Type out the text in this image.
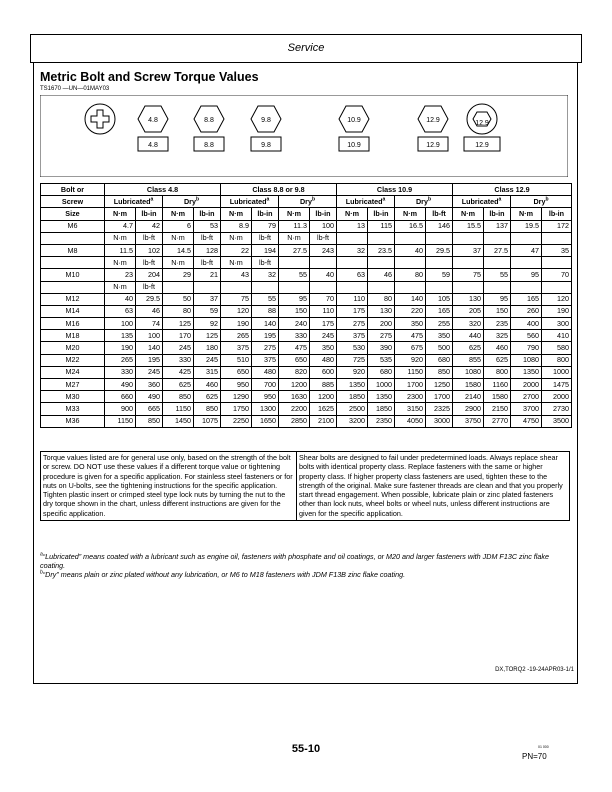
Service
Metric Bolt and Screw Torque Values
TS1670 —UN—01MAY03
4.8	8.8	9.8	10.9	12.9	12.9
4.8	8.8	9.8	10.9	12.9	12.9
Bolt or	Class 4.8				Class 8.8 or 9.8				Class 10.9				Class 12.9			
Screw	Lubricated$^a$		Dry$^b$		Lubricated$^a$		Dry$^b$		Lubricated$^a$		Dry$^b$		Lubricated$^a$		Dry$^b$
Size	N·m	lb-in	N·m	lb-in	N·m	lb-in	N·m	lb-in	N·m	lb-in	N·m	lb-ft	N·m	lb-in	N·m	lb-in
M6	4.7	42	6	53	8.9	79	11.3	100	13	115	16.5	146	15.5	137	19.5	172
	N·m	lb-ft	N·m	lb-ft	N·m	lb-ft	N·m	lb-ft								
M8	11.5	102	14.5	128	22	194	27.5	243	32	23.5	40	29.5	37	27.5	47	35
	N·m	lb-ft	N·m	lb-ft	N·m	lb-ft										
M10	23	204	29	21	43	32	55	40	63	46	80	59	75	55	95	70
	N·m	lb-ft														
M12	40	29.5	50	37	75	55	95	70	110	80	140	105	130	95	165	120
M14	63	46	80	59	120	88	150	110	175	130	220	165	205	150	260	190
M16	100	74	125	92	190	140	240	175	275	200	350	255	320	235	400	300
M18	135	100	170	125	265	195	330	245	375	275	475	350	440	325	560	410
M20	190	140	245	180	375	275	475	350	530	390	675	500	625	460	790	580
M22	265	195	330	245	510	375	650	480	725	535	920	680	855	625	1080	800
M24	330	245	425	315	650	480	820	600	920	680	1150	850	1080	800	1350	1000
M27	490	360	625	460	950	700	1200	885	1350	1000	1700	1250	1580	1160	2000	1475
M30	660	490	850	625	1290	950	1630	1200	1850	1350	2300	1700	2140	1580	2700	2000
M33	900	665	1150	850	1750	1300	2200	1625	2500	1850	3150	2325	2900	2150	3700	2730
M36	1150	850	1450	1075	2250	1650	2850	2100	3200	2350	4050	3000	3750	2770	4750	3500
Torque values listed are for general use only, based on the strength of the bolt or screw. DO NOT use these values if a different torque value or tightening procedure is given for a specific application. For stainless steel fasteners or for nuts on U-bolts, see the tightening instructions for the specific application. Tighten plastic insert or crimped steel type lock nuts by turning the nut to the dry torque shown in the chart, unless different instructions are given for the specific application.
Shear bolts are designed to fail under predetermined loads. Always replace shear bolts with identical property class. Replace fasteners with the same or higher property class. If higher property class fasteners are used, tighten these to the strength of the original. Make sure fastener threads are clean and that you properly start thread engagement. When possible, lubricate plain or zinc plated fasteners other than lock nuts, wheel bolts or wheel nuts, unless different instructions are given for the specific application.
$^a$“Lubricated” means coated with a lubricant such as engine oil, fasteners with phosphate and oil coatings, or M20 and larger fasteners with JDM F13C zinc flake coating.
$^b$“Dry” means plain or zinc plated without any lubrication, or M6 to M18 fasteners with JDM F13B zinc flake coating.
DX,TORQ2 -19-24APR03-1/1
55-10	01 000
PN=70
